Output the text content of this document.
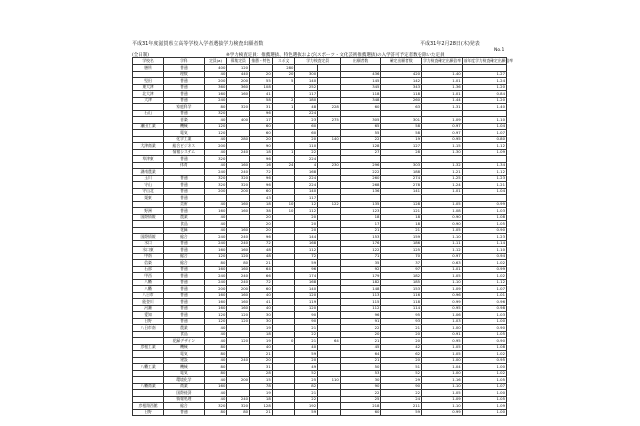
平成31年度滋賀県立高等学校入学者選抜学力検査出願者数	平成31年2月28日(木)発表
No.1
(全日制)	※学力検査定員：推薦選抜、特色選抜および(スポーツ・文化芸術推薦選抜)の入学許可予定者数を除いた定員
学校名	学科	定員(a)	募集定員	推薦・特色	スポ文	学力検査定員		出願者数	確定出願者数	学力検査確定出願倍率	前年度学力検査確定出願倍率
膳所	普通	400	120		280						
	理数	40	440	20	20	300		436	420	1.40	1.27
堅田	普通	200	200	55	5	140		145	142	1.01	1.24
東大津	普通	360	360	108		252		345	343	1.36	1.20
北大津	普通	160	160	41		117		118	118	1.01	0.84
大津	普通	240		58	2	180		348	260	1.44	1.20
	家庭科学	80	320	31	1	48	228	60	63	1.31	1.40
石山	普通	320		96		224					
	音楽	40	400	17		23	275	305	301	1.09	1.10
瀬田工業	機械	120		60		60		65	58	0.97	1.04
	電気	120		60		60		55	58	0.97	1.07
	化学工業	40	280	20		20	140	22	19	0.95	0.80
大津商業	総合ビジネス	200		90		110		128	127	1.15	1.12
	情報システム	40	240	18	1	22		27	28	1.30	1.09
草津東	普通	320		96		224					
	体育	40	160	16	24	4	230	296	303	1.32	1.34
湖南農業		240	240	72		168		222	188	1.21	1.12
玉川	普通	320	320	96		224		260	274	1.25	1.23
守山	普通	320	320	96		224		268	278	1.24	1.21
守山北	普通	200	200	60		140		136	141	1.01	1.04
栗東	普通			43		117					
	美術	40	160	18	10	12	122	135	128	1.05	0.99
野洲	普通	160	160	38	10	112		123	121	1.08	1.03
国際情報	農業	40		20		20		18	18	0.90	1.08
	食品	40		20		20		17	18	0.90	1.05
	花緑	40	160	20		20		21	21	1.05	0.90
国際情報	総合	240	240	96		144		153	159	1.10	1.23
水口	普通	240	240	72		168		176	186	1.11	1.14
水口東	普通	160	160	48		112		122	125	1.12	1.10
甲南	総合	120	120	48		72		71	70	0.97	0.94
信楽	総合	80	80	21		59		35	37	0.63	1.02
石部	普通	160	160	64		96		92	97	1.01	0.99
甲西	普通	240	240	66		174		179	182	1.05	1.02
八幡	普通	240	240	72		168		182	185	1.10	1.12
八幡	普通	200	200	60		140		148	153	1.09	1.07
八日市	普通	160	160	40		120		113	116	0.96	1.01
能登川	普通	160	160	41		119		115	118	0.99	0.96
河瀬	普通	160	160	40		120		112	114	0.95	0.98
愛知	普通	120	120	30		90		96	95	1.06	1.03
日野	普通	120	120	30		90		91	93	1.03	1.00
八日市南	農業	40		19		21		22	21	1.00	0.90
	食品	40		18		22		20	20	0.91	1.05
	花緑デザイン	40	120	19	0	21	64	21	20	0.95	0.90
彦根工業	機械	80		40		40		45	42	1.05	1.08
	電気	80		21		59		64	62	1.05	1.02
	建設	40	240	20		20		21	20	1.00	0.95
八幡工業	機械	80		31		49		50	51	1.04	1.00
	電気	80		28		52		53	52	1.00	1.02
	環境化学	40	200	15		25	110	30	29	1.16	1.05
八幡商業	商業	160		78		82		90	90	1.10	1.07
	国際経済	40		19		21		22	22	1.05	1.00
	情報処理	40	240	18		22		25	24	1.09	1.05
彦根翔西館	総合	320	320	128		192		218	211	1.10	1.09
日野	普通	80	80	21		59		60	59	0.99	1.00
